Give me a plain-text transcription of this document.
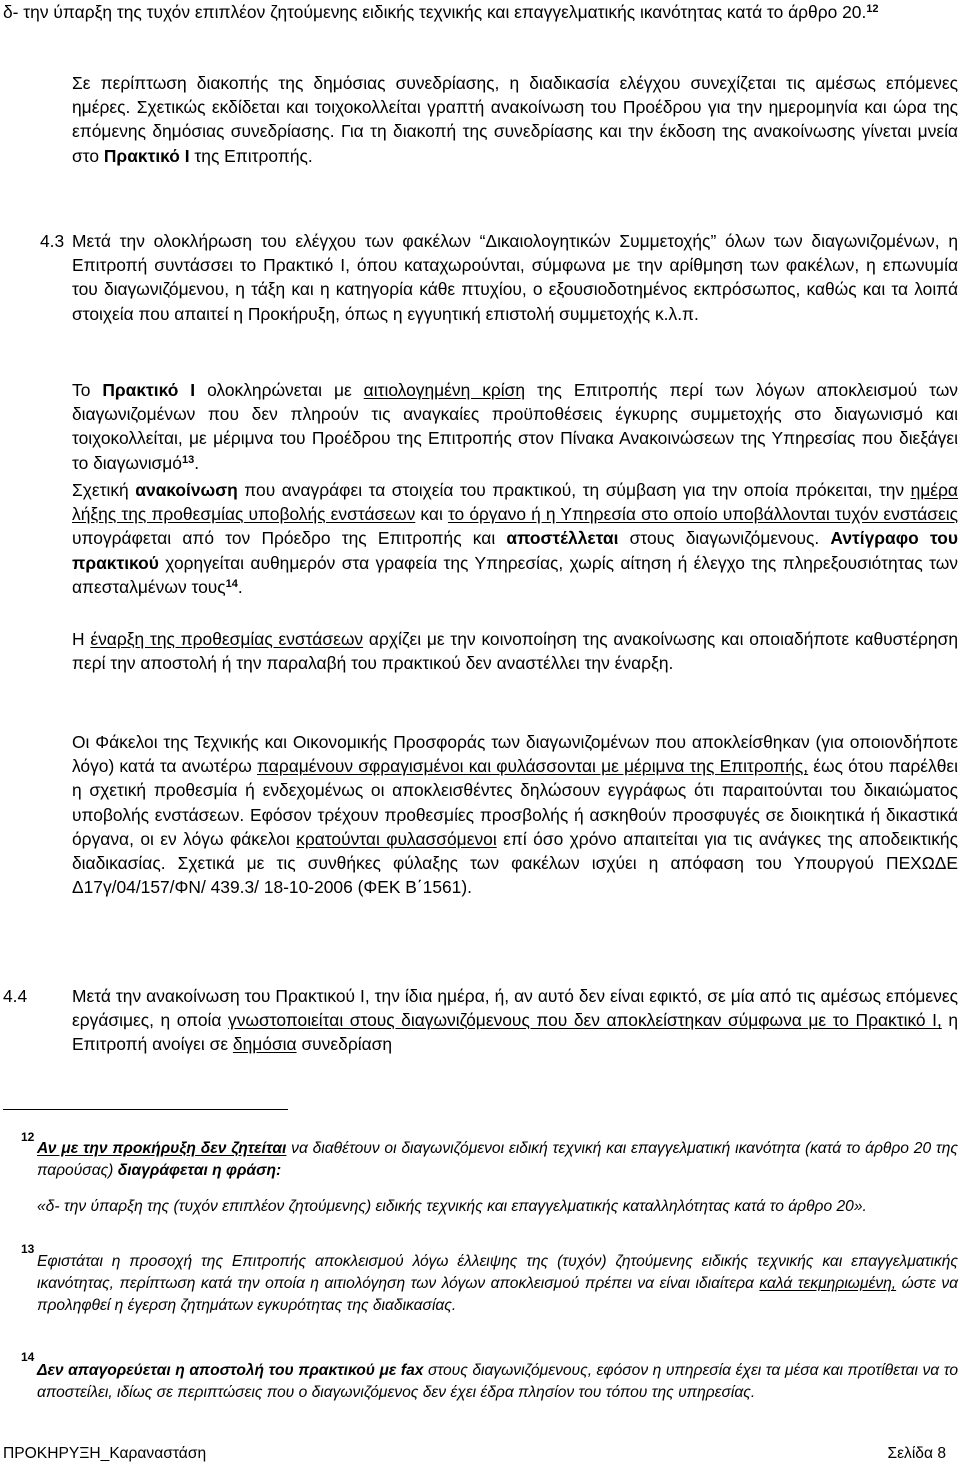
δ- την ύπαρξη της τυχόν επιπλέον ζητούμενης ειδικής τεχνικής και επαγγελματικής ικανότητας κατά το άρθρο 20.12

Σε περίπτωση διακοπής της δημόσιας συνεδρίασης, η διαδικασία ελέγχου συνεχίζεται τις αμέσως επόμενες ημέρες. Σχετικώς εκδίδεται και τοιχοκολλείται γραπτή ανακοίνωση του Προέδρου για την ημερομηνία και ώρα της επόμενης δημόσιας συνεδρίασης. Για τη διακοπή της συνεδρίασης και την έκδοση της ανακοίνωσης γίνεται μνεία στο Πρακτικό Ι της Επιτροπής.

4.3 Μετά την ολοκλήρωση του ελέγχου των φακέλων “Δικαιολογητικών Συμμετοχής” όλων των διαγωνιζομένων, η Επιτροπή συντάσσει το Πρακτικό Ι, όπου καταχωρούνται, σύμφωνα με την αρίθμηση των φακέλων, η επωνυμία του διαγωνιζόμενου, η τάξη και η κατηγορία κάθε πτυχίου, ο εξουσιοδοτημένος εκπρόσωπος, καθώς και τα λοιπά στοιχεία που απαιτεί η Προκήρυξη, όπως η εγγυητική επιστολή συμμετοχής κ.λ.π.

Το Πρακτικό Ι ολοκληρώνεται με αιτιολογημένη κρίση της Επιτροπής περί των λόγων αποκλεισμού των διαγωνιζομένων που δεν πληρούν τις αναγκαίες προϋποθέσεις έγκυρης συμμετοχής στο διαγωνισμό και τοιχοκολλείται, με μέριμνα του Προέδρου της Επιτροπής στον Πίνακα Ανακοινώσεων της Υπηρεσίας που διεξάγει το διαγωνισμό$^{13}$.

Σχετική ανακοίνωση που αναγράφει τα στοιχεία του πρακτικού, τη σύμβαση για την οποία πρόκειται, την ημέρα λήξης της προθεσμίας υποβολής ενστάσεων και το όργανο ή η Υπηρεσία στο οποίο υποβάλλονται τυχόν ενστάσεις υπογράφεται από τον Πρόεδρο της Επιτροπής και αποστέλλεται στους διαγωνιζόμενους. Αντίγραφο του πρακτικού χορηγείται αυθημερόν στα γραφεία της Υπηρεσίας, χωρίς αίτηση ή έλεγχο της πληρεξουσιότητας των απεσταλμένων τους$^{14}$.

Η έναρξη της προθεσμίας ενστάσεων αρχίζει με την κοινοποίηση της ανακοίνωσης και οποιαδήποτε καθυστέρηση περί την αποστολή ή την παραλαβή του πρακτικού δεν αναστέλλει την έναρξη.

Οι Φάκελοι της Τεχνικής και Οικονομικής Προσφοράς των διαγωνιζομένων που αποκλείσθηκαν (για οποιονδήποτε λόγο) κατά τα ανωτέρω παραμένουν σφραγισμένοι και φυλάσσονται με μέριμνα της Επιτροπής, έως ότου παρέλθει η σχετική προθεσμία ή ενδεχομένως οι αποκλεισθέντες δηλώσουν εγγράφως ότι παραιτούνται του δικαιώματος υποβολής ενστάσεων. Εφόσον τρέχουν προθεσμίες προσβολής ή ασκηθούν προσφυγές σε διοικητικά ή δικαστικά όργανα, οι εν λόγω φάκελοι κρατούνται φυλασσόμενοι επί όσο χρόνο απαιτείται για τις ανάγκες της αποδεικτικής διαδικασίας. Σχετικά με τις συνθήκες φύλαξης των φακέλων ισχύει η απόφαση του Υπουργού ΠΕΧΩΔΕ Δ17γ/04/157/ΦΝ/ 439.3/ 18-10-2006 (ΦΕΚ Β΄1561).

4.4	Μετά την ανακοίνωση του Πρακτικού Ι, την ίδια ημέρα, ή, αν αυτό δεν είναι εφικτό, σε μία από τις αμέσως επόμενες εργάσιμες, η οποία γνωστοποιείται στους διαγωνιζόμενους που δεν αποκλείστηκαν σύμφωνα με το Πρακτικό Ι, η Επιτροπή ανοίγει σε δημόσια συνεδρίαση

12

Αν με την προκήρυξη δεν ζητείται να διαθέτουν οι διαγωνιζόμενοι ειδική τεχνική και επαγγελματική ικανότητα (κατά το άρθρο 20 της παρούσας) διαγράφεται η φράση:

«δ- την ύπαρξη της (τυχόν επιπλέον ζητούμενης) ειδικής τεχνικής και επαγγελματικής καταλληλότητας κατά το άρθρο 20».

13

Εφιστάται η προσοχή της Επιτροπής αποκλεισμού λόγω έλλειψης της (τυχόν) ζητούμενης ειδικής τεχνικής και επαγγελματικής ικανότητας, περίπτωση κατά την οποία η αιτιολόγηση των λόγων αποκλεισμού πρέπει να είναι ιδιαίτερα καλά τεκμηριωμένη, ώστε να προληφθεί η έγερση ζητημάτων εγκυρότητας της διαδικασίας.

14

Δεν απαγορεύεται η αποστολή του πρακτικού με fax στους διαγωνιζόμενους, εφόσον η υπηρεσία έχει τα μέσα και προτίθεται να το αποστείλει, ιδίως σε περιπτώσεις που ο διαγωνιζόμενος δεν έχει έδρα πλησίον του τόπου της υπηρεσίας.

ΠΡΟΚΗΡΥΞΗ_Καραναστάση	Σελίδα 8
